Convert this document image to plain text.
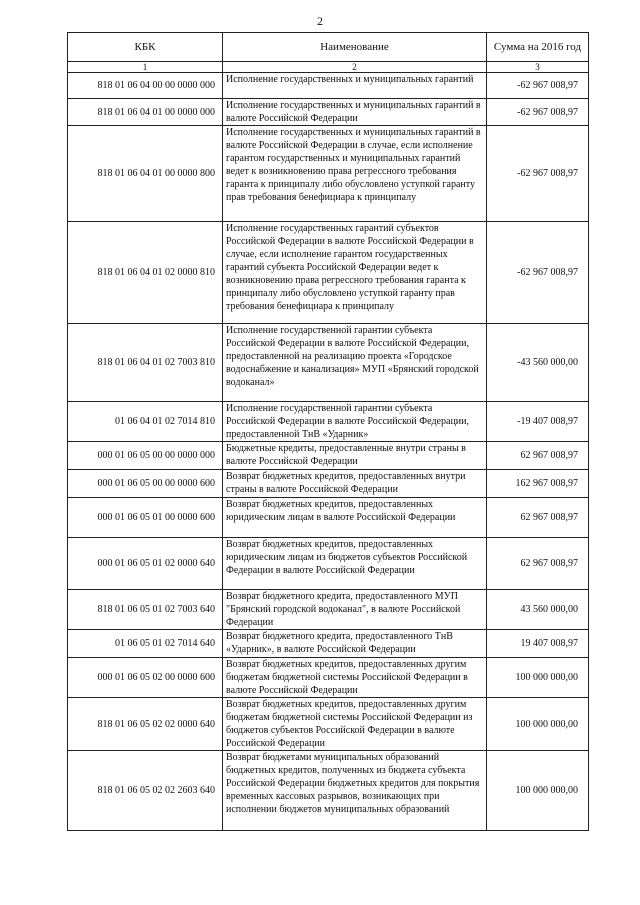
2
КБК	Наименование	Сумма на 2016 год
1	2	3
818 01 06 04 00 00 0000 000	Исполнение государственных и муниципальных гарантий	-62 967 008,97
818 01 06 04 01 00 0000 000	Исполнение государственных и муниципальных гарантий в валюте Российской Федерации	-62 967 008,97
818 01 06 04 01 00 0000 800	Исполнение государственных и муниципальных гарантий в валюте Российской Федерации в случае, если исполнение гарантом государственных и муниципальных гарантий ведет к возникновению права регрессного требования гаранта к принципалу либо обусловлено уступкой гаранту прав требования бенефициара к принципалу	-62 967 008,97
818 01 06 04 01 02 0000 810	Исполнение государственных гарантий субъектов Российской Федерации в валюте Российской Федерации в случае, если исполнение гарантом государственных гарантий субъекта Российской Федерации ведет к возникновению права регрессного требования гаранта к принципалу либо обусловлено уступкой гаранту прав требования бенефициара к принципалу	-62 967 008,97
818 01 06 04 01 02 7003 810	Исполнение государственной гарантии субъекта Российской Федерации в валюте Российской Федерации, предоставленной на реализацию проекта «Городское водоснабжение и канализация» МУП «Брянский городской водоканал»	-43 560 000,00
01 06 04 01 02 7014 810	Исполнение государственной гарантии субъекта Российской Федерации в валюте Российской Федерации, предоставленной ТнВ «Ударник»	-19 407 008,97
000 01 06 05 00 00 0000 000	Бюджетные кредиты, предоставленные внутри страны в валюте Российской Федерации	62 967 008,97
000 01 06 05 00 00 0000 600	Возврат бюджетных кредитов, предоставленных внутри страны в валюте Российской Федерации	162 967 008,97
000 01 06 05 01 00 0000 600	Возврат бюджетных кредитов, предоставленных юридическим лицам в валюте Российской Федерации	62 967 008,97
000 01 06 05 01 02 0000 640	Возврат бюджетных кредитов, предоставленных юридическим лицам из бюджетов субъектов Российской Федерации в валюте Российской Федерации	62 967 008,97
818 01 06 05 01 02 7003 640	Возврат бюджетного кредита, предоставленного МУП "Брянский городской водоканал", в валюте Российской Федерации	43 560 000,00
01 06 05 01 02 7014 640	Возврат бюджетного кредита, предоставленного ТнВ «Ударник», в валюте Российской Федерации	19 407 008,97
000 01 06 05 02 00 0000 600	Возврат бюджетных кредитов, предоставленных другим бюджетам бюджетной системы Российской Федерации в валюте Российской Федерации	100 000 000,00
818 01 06 05 02 02 0000 640	Возврат бюджетных кредитов, предоставленных другим бюджетам бюджетной системы Российской Федерации из бюджетов субъектов Российской Федерации в валюте Российской Федерации	100 000 000,00
818 01 06 05 02 02 2603 640	Возврат бюджетами муниципальных образований бюджетных кредитов, полученных из бюджета субъекта Российской Федерации бюджетных кредитов для покрытия временных кассовых разрывов, возникающих при исполнении бюджетов муниципальных образований	100 000 000,00
